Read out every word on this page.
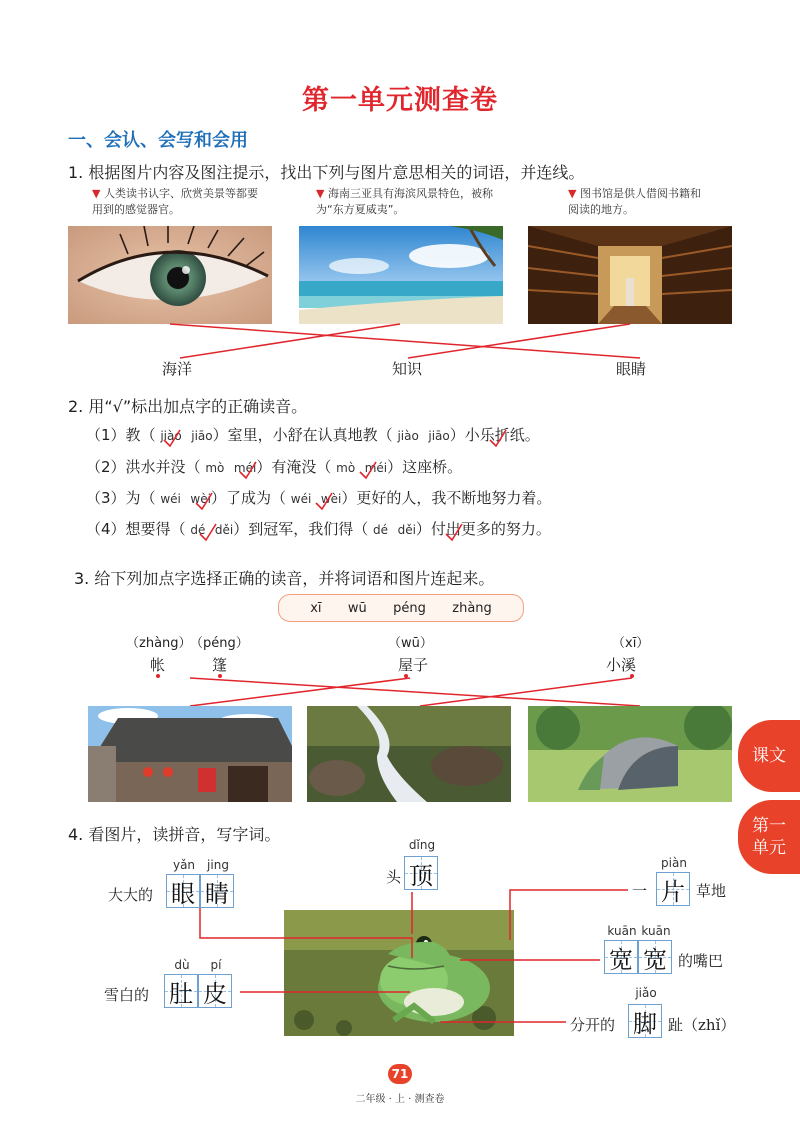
第一单元测查卷
一、会认、会写和会用
1. 根据图片内容及图注提示，找出下列与图片意思相关的词语，并连线。
▼ 人类读书认字、欣赏美景等都要用到的感觉器官。
▼ 海南三亚具有海滨风景特色，被称为“东方夏威夷”。
▼ 图书馆是供人借阅书籍和阅读的地方。
海洋	知识	眼睛
2. 用“√”标出加点字的正确读音。
（1）教（ jiào jiāo）室里，小舒在认真地教（ jiào jiāo）小乐折纸。
（2）洪水并没（ mò méi）有淹没（ mò méi）这座桥。
（3）为（ wéi wèi）了成为（ wéi wèi）更好的人，我不断地努力着。
（4）想要得（ dé děi）到冠军，我们得（ dé děi）付出更多的努力。
3. 给下列加点字选择正确的读音，并将词语和图片连起来。
xī wū péng zhàng
（zhàng）
（péng）	（wū）	（xī）
帐	篷	屋子	小溪
课文
第一
单元
4. 看图片，读拼音，写字词。
大大的
yǎn	jing
眼 睛
头
dǐng
顶
一
piàn
片 草地
雪白的
dù	pí
肚 皮
kuān kuān
宽 宽 的嘴巴
分开的
jiǎo
脚 趾（zhǐ）
71
二年级 · 上 · 测查卷
